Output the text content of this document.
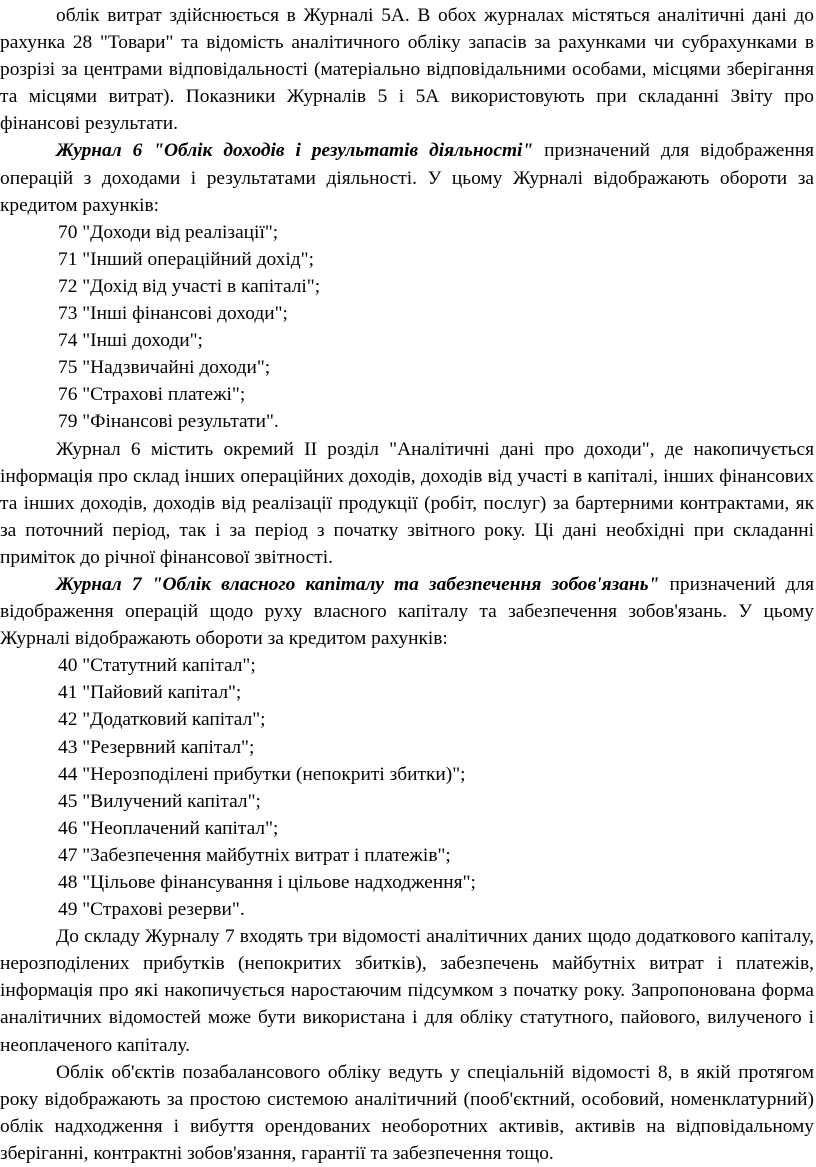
облік витрат здійснюється в Журналі 5А. В обох журналах містяться аналітичні дані до рахунка 28 "Товари" та відомість аналітичного обліку запасів за рахунками чи субрахунками в розрізі за центрами відповідальності (матеріально відповідальними особами, місцями зберігання та місцями витрат). Показники Журналів 5 і 5А використовують при складанні Звіту про фінансові результати.

Журнал 6 "Облік доходів і результатів діяльності" призначений для відображення операцій з доходами і результатами діяльності. У цьому Журналі відображають обороти за кредитом рахунків:

70 "Доходи від реалізації";
71 "Інший операційний дохід";
72 "Дохід від участі в капіталі";
73 "Інші фінансові доходи";
74 "Інші доходи";
75 "Надзвичайні доходи";
76 "Страхові платежі";
79 "Фінансові результати".

Журнал 6 містить окремий II розділ "Аналітичні дані про доходи", де накопичується інформація про склад інших операційних доходів, доходів від участі в капіталі, інших фінансових та інших доходів, доходів від реалізації продукції (робіт, послуг) за бартерними контрактами, як за поточний період, так і за період з початку звітного року. Ці дані необхідні при складанні приміток до річної фінансової звітності.

Журнал 7 "Облік власного капіталу та забезпечення зобов'язань" призначений для відображення операцій щодо руху власного капіталу та забезпечення зобов'язань. У цьому Журналі відображають обороти за кредитом рахунків:

40 "Статутний капітал";
41 "Пайовий капітал";
42 "Додатковий капітал";
43 "Резервний капітал";
44 "Нерозподілені прибутки (непокриті збитки)";
45 "Вилучений капітал";
46 "Неоплачений капітал";
47 "Забезпечення майбутніх витрат і платежів";
48 "Цільове фінансування і цільове надходження";
49 "Страхові резерви".

До складу Журналу 7 входять три відомості аналітичних даних щодо додаткового капіталу, нерозподілених прибутків (непокритих збитків), забезпечень майбутніх витрат і платежів, інформація про які накопичується наростаючим підсумком з початку року. Запропонована форма аналітичних відомостей може бути використана і для обліку статутного, пайового, вилученого і неоплаченого капіталу.

Облік об'єктів позабалансового обліку ведуть у спеціальній відомості 8, в якій протягом року відображають за простою системою аналітичний (пооб'єктний, особовий, номенклатурний) облік надходження і вибуття орендованих необоротних активів, активів на відповідальному зберіганні, контрактні зобов'язання, гарантії та забезпечення тощо.
